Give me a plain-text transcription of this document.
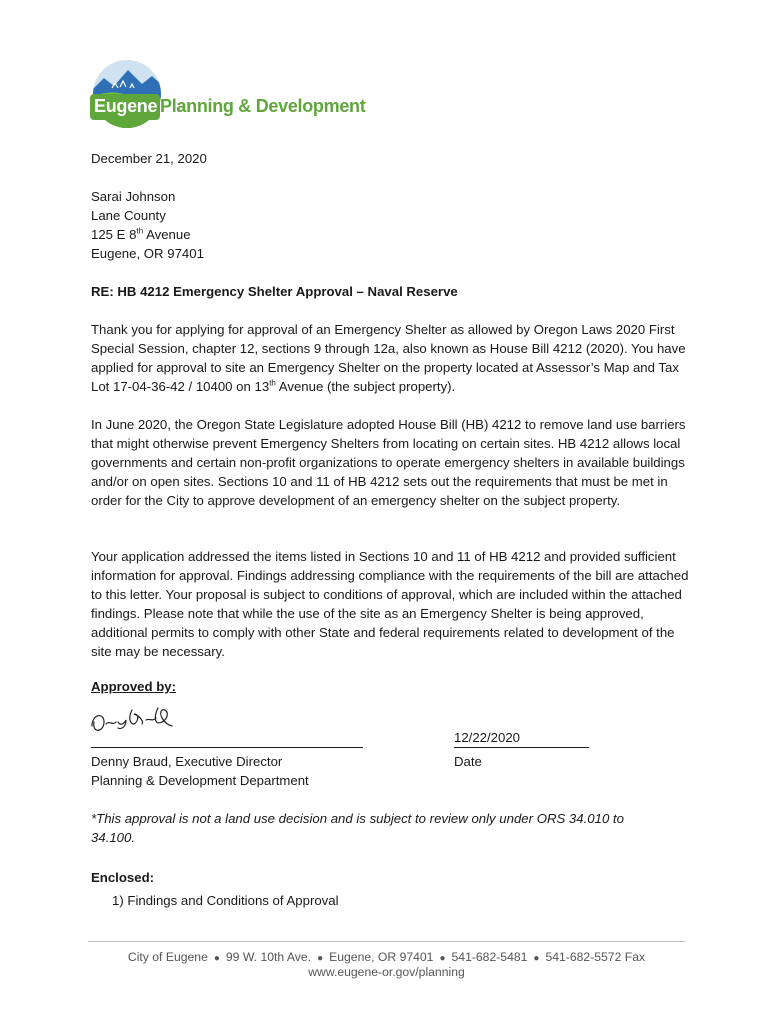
Eugene Planning & Development

December 21, 2020

Sarai Johnson

Lane County

125 E 8th Avenue

Eugene, OR 97401

RE: HB 4212 Emergency Shelter Approval – Naval Reserve

Thank you for applying for approval of an Emergency Shelter as allowed by Oregon Laws 2020 First Special Session, chapter 12, sections 9 through 12a, also known as House Bill 4212 (2020). You have applied for approval to site an Emergency Shelter on the property located at Assessor’s Map and Tax Lot 17-04-36-42 / 10400 on 13th Avenue (the subject property).

In June 2020, the Oregon State Legislature adopted House Bill (HB) 4212 to remove land use barriers that might otherwise prevent Emergency Shelters from locating on certain sites. HB 4212 allows local governments and certain non-profit organizations to operate emergency shelters in available buildings and/or on open sites. Sections 10 and 11 of HB 4212 sets out the requirements that must be met in order for the City to approve development of an emergency shelter on the subject property.

Your application addressed the items listed in Sections 10 and 11 of HB 4212 and provided sufficient information for approval. Findings addressing compliance with the requirements of the bill are attached to this letter. Your proposal is subject to conditions of approval, which are included within the attached findings. Please note that while the use of the site as an Emergency Shelter is being approved, additional permits to comply with other State and federal requirements related to development of the site may be necessary.

Approved by:

12/22/2020

Denny Braud, Executive Director

Planning & Development Department

Date

*This approval is not a land use decision and is subject to review only under ORS 34.010 to 34.100.

Enclosed:

1) Findings and Conditions of Approval

City of Eugene ● 99 W. 10th Ave. ● Eugene, OR 97401 ● 541-682-5481 ● 541-682-5572 Fax
www.eugene-or.gov/planning
